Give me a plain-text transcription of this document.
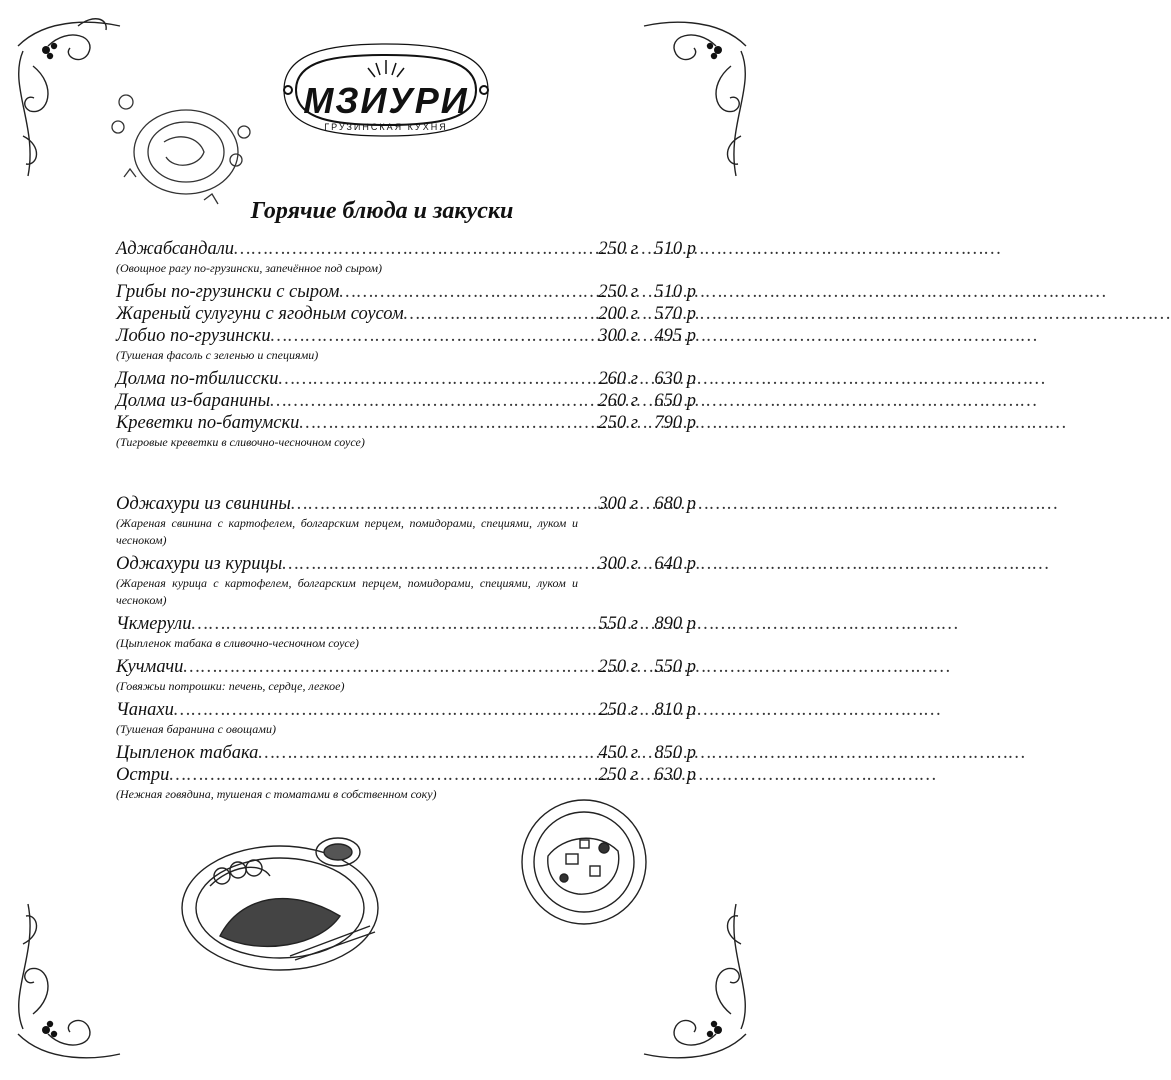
МЗИУРИ
ГРУЗИНСКАЯ КУХНЯ
Горячие блюда и закуски
Аджабсандали ……………………………………………………………………………………………………………………	250 г 510 р
(Овощное рагу по-грузински, запечённое под сыром)
Грибы по-грузински с сыром ……………………………………………………………………………………………………………………	250 г 510 р
Жареный сулугуни с ягодным соусом ……………………………………………………………………………………………………………………	200 г 570 р
Лобио по-грузински ……………………………………………………………………………………………………………………	300 г 495 р
(Тушеная фасоль с зеленью и специями)
Долма по-тбилисски ……………………………………………………………………………………………………………………	260 г 630 р
Долма из-баранины ……………………………………………………………………………………………………………………	260 г 650 р
Креветки по-батумски ……………………………………………………………………………………………………………………	250 г 790 р
(Тигровые креветки в сливочно-чесночном соусе)
Оджахури из свинины ……………………………………………………………………………………………………………………	300 г 680 р
(Жареная свинина с картофелем, болгарским перцем, помидорами, специями, луком и чесноком)
Оджахури из курицы ……………………………………………………………………………………………………………………	300 г 640 р
(Жареная курица с картофелем, болгарским перцем, помидорами, специями, луком и чесноком)
Чкмерули ……………………………………………………………………………………………………………………	550 г 890 р
(Цыпленок табака в сливочно-чесночном соусе)
Кучмачи ……………………………………………………………………………………………………………………	250 г 550 р
(Говяжьи потрошки: печень, сердце, легкое)
Чанахи ……………………………………………………………………………………………………………………	250 г 810 р
(Тушеная баранина с овощами)
Цыпленок табака ……………………………………………………………………………………………………………………	450 г 850 р
Остри ……………………………………………………………………………………………………………………	250 г 630 р
(Нежная говядина, тушеная с томатами в собственном соку)
